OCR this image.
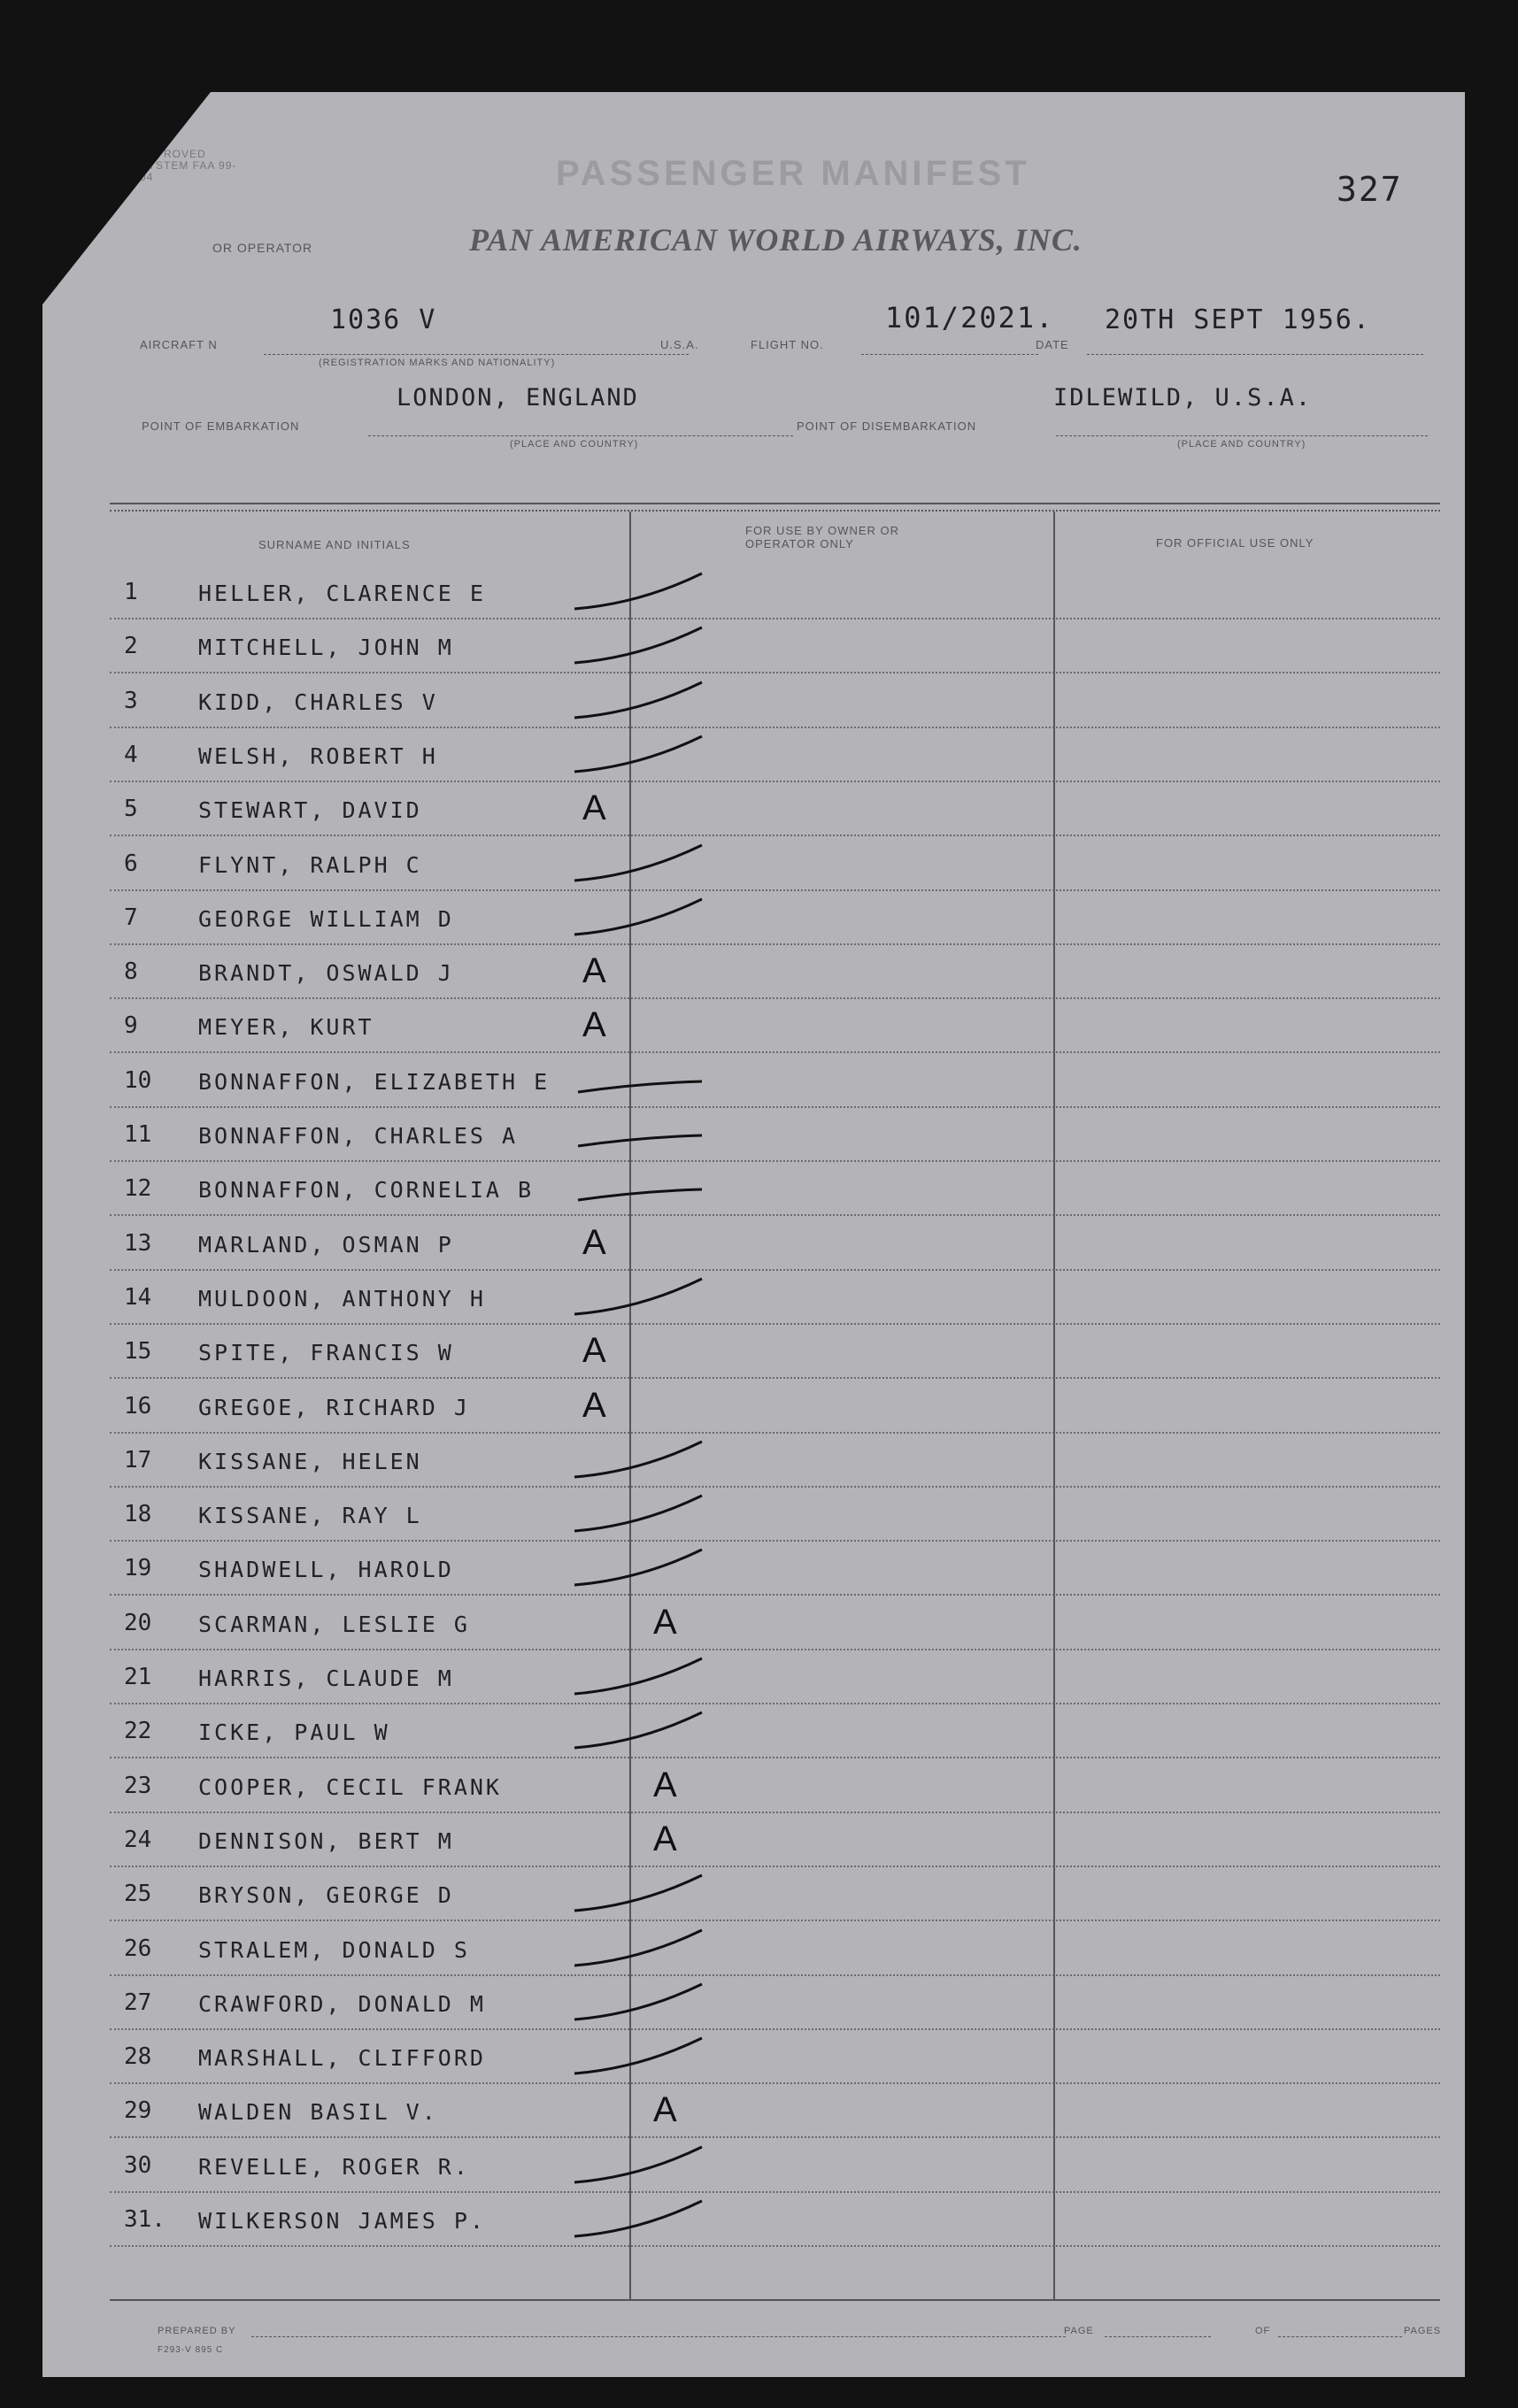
APPROVED SYSTEM FAA 99-04	PASSENGER MANIFEST	327
OR OPERATOR	PAN AMERICAN WORLD AIRWAYS, INC.
AIRCRAFT N
1036 V
(REGISTRATION MARKS AND NATIONALITY)
U.S.A.	FLIGHT NO.
101/2021.
DATE
20TH SEPT 1956.
POINT OF EMBARKATION
LONDON, ENGLAND
(PLACE AND COUNTRY)
POINT OF DISEMBARKATION
IDLEWILD, U.S.A.
(PLACE AND COUNTRY)
SURNAME AND INITIALS
FOR USE BY OWNER OR OPERATOR ONLY	FOR OFFICIAL USE ONLY
1	HELLER, CLARENCE E
2	MITCHELL, JOHN M
3	KIDD, CHARLES V
4	WELSH, ROBERT H
5	STEWART, DAVID	A
6	FLYNT, RALPH C
7	GEORGE WILLIAM D
8	BRANDT, OSWALD J	A
9	MEYER, KURT	A
10	BONNAFFON, ELIZABETH E
11	BONNAFFON, CHARLES A
12	BONNAFFON, CORNELIA B
13	MARLAND, OSMAN P	A
14	MULDOON, ANTHONY H
15	SPITE, FRANCIS W	A
16	GREGOE, RICHARD J	A
17	KISSANE, HELEN
18	KISSANE, RAY L
19	SHADWELL, HAROLD
20	SCARMAN, LESLIE G	A
21	HARRIS, CLAUDE M
22	ICKE, PAUL W
23	COOPER, CECIL FRANK	A
24	DENNISON, BERT M	A
25	BRYSON, GEORGE D
26	STRALEM, DONALD S
27	CRAWFORD, DONALD M
28	MARSHALL, CLIFFORD
29	WALDEN BASIL V.	A
30	REVELLE, ROGER R.
31.	WILKERSON JAMES P.
PREPARED BY	PAGE	OF	PAGES
F293-V 895 C
